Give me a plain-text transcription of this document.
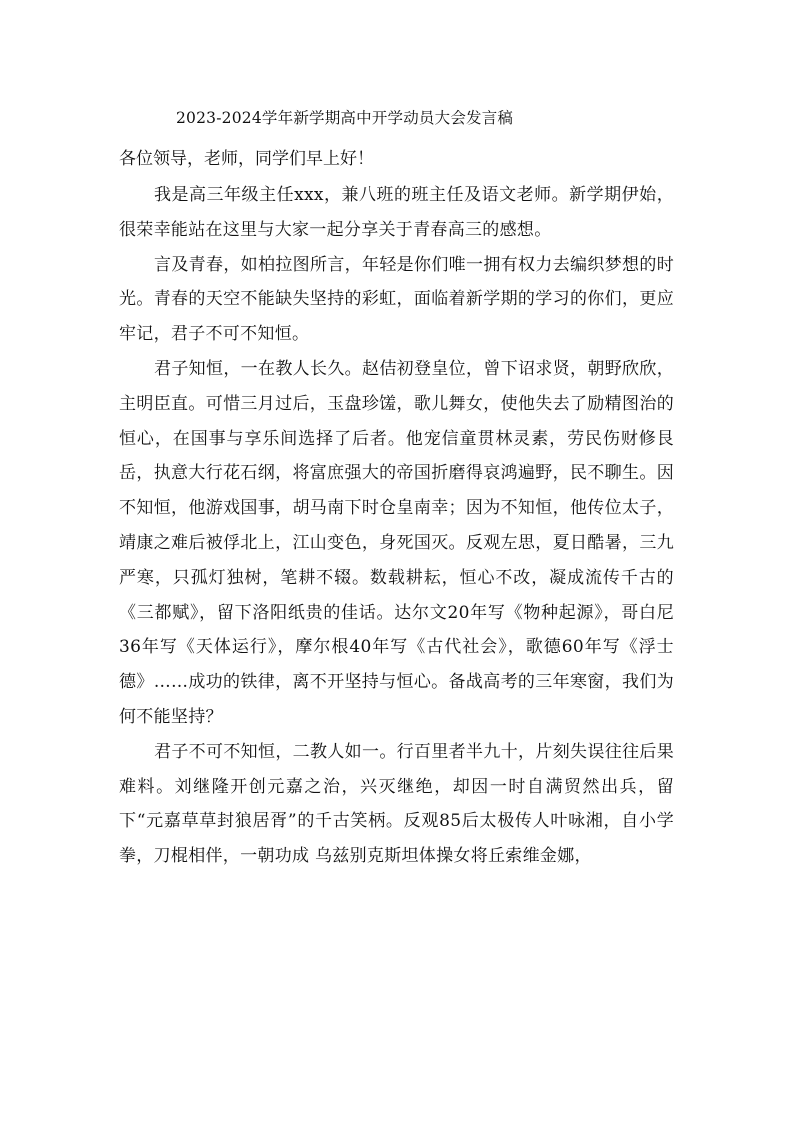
2023-2024学年新学期高中开学动员大会发言稿
各位领导，老师，同学们早上好！

我是高三年级主任xxx，兼八班的班主任及语文老师。新学期伊始，很荣幸能站在这里与大家一起分享关于青春高三的感想。

言及青春，如柏拉图所言，年轻是你们唯一拥有权力去编织梦想的时光。青春的天空不能缺失坚持的彩虹，面临着新学期的学习的你们，更应牢记，君子不可不知恒。

君子知恒，一在教人长久。赵佶初登皇位，曾下诏求贤，朝野欣欣，主明臣直。可惜三月过后，玉盘珍馐，歌儿舞女，使他失去了励精图治的恒心，在国事与享乐间选择了后者。他宠信童贯林灵素，劳民伤财修艮岳，执意大行花石纲，将富庶强大的帝国折磨得哀鸿遍野，民不聊生。因不知恒，他游戏国事，胡马南下时仓皇南幸；因为不知恒，他传位太子，靖康之难后被俘北上，江山变色，身死国灭。反观左思，夏日酷暑，三九严寒，只孤灯独树，笔耕不辍。数载耕耘，恒心不改，凝成流传千古的《三都赋》，留下洛阳纸贵的佳话。达尔文20年写《物种起源》，哥白尼36年写《天体运行》，摩尔根40年写《古代社会》，歌德60年写《浮士德》……成功的铁律，离不开坚持与恒心。备战高考的三年寒窗，我们为何不能坚持？

君子不可不知恒，二教人如一。行百里者半九十，片刻失误往往后果难料。刘继隆开创元嘉之治，兴灭继绝，却因一时自满贸然出兵，留下“元嘉草草封狼居胥”的千古笑柄。反观85后太极传人叶咏湘，自小学拳，刀棍相伴，一朝功成 乌兹别克斯坦体操女将丘索维金娜，
